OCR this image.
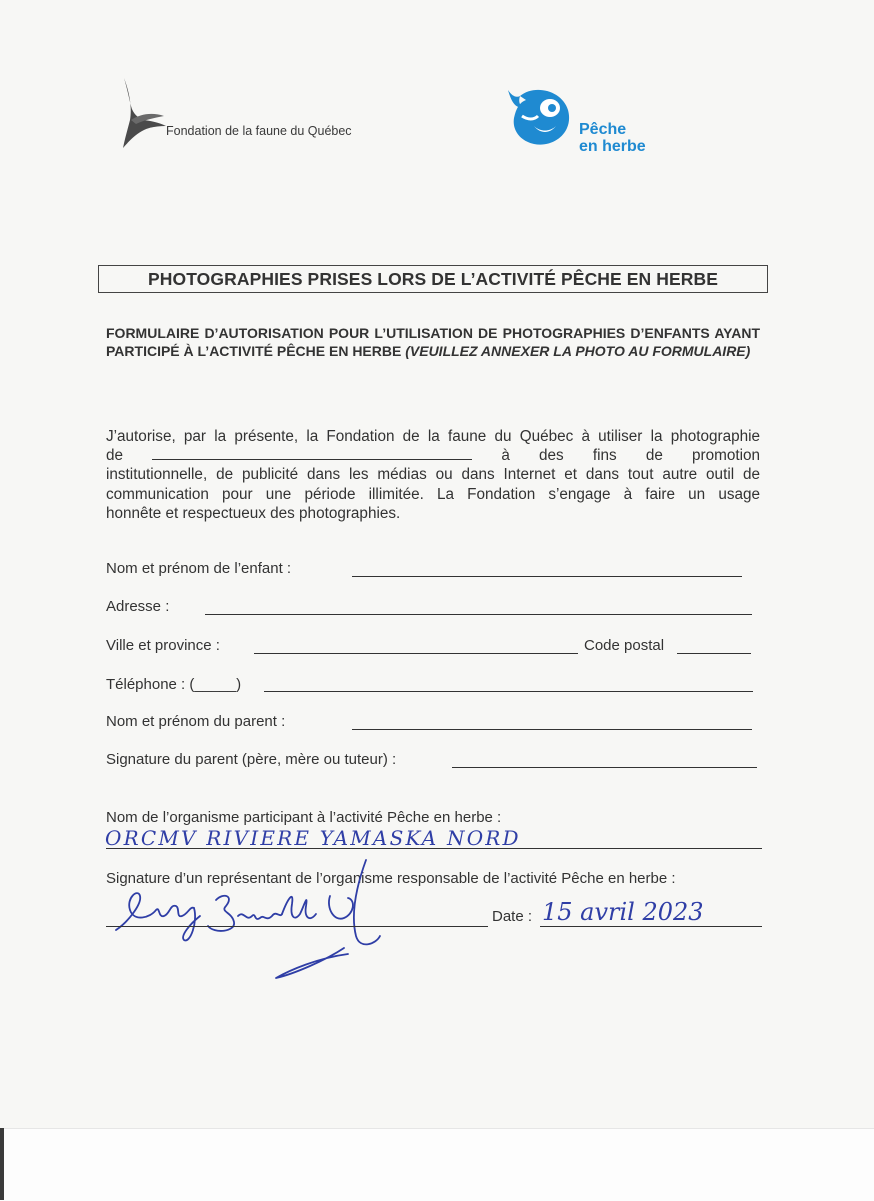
Fondation de la faune du Québec	Pêche
en herbe
PHOTOGRAPHIES PRISES LORS DE L’ACTIVITÉ PÊCHE EN HERBE
FORMULAIRE D’AUTORISATION POUR L’UTILISATION DE PHOTOGRAPHIES D’ENFANTS AYANT PARTICIPÉ À L’ACTIVITÉ PÊCHE EN HERBE (VEUILLEZ ANNEXER LA PHOTO AU FORMULAIRE)

J’autorise, par la présente, la Fondation de la faune du Québec à utiliser la photographie

de	à des fins de promotion

institutionnelle, de publicité dans les médias ou dans Internet et dans tout autre outil de

communication pour une période illimitée. La Fondation s’engage à faire un usage

honnête et respectueux des photographies.

Nom et prénom de l’enfant :
Adresse :
Ville et province :	Code postal
Téléphone : (_____)
Nom et prénom du parent :
Signature du parent (père, mère ou tuteur) :
Nom de l’organisme participant à l’activité Pêche en herbe :
ORCMV RIVIERE YAMASKA NORD
Signature d’un représentant de l’organisme responsable de l’activité Pêche en herbe :
Date : 15 avril 2023
